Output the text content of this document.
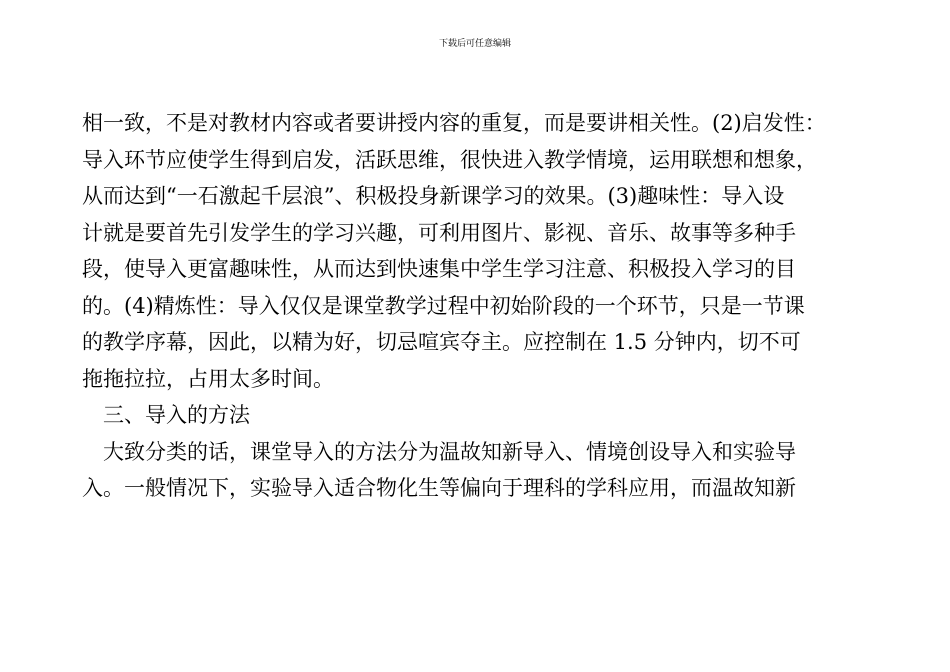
下载后可任意编辑
相一致，不是对教材内容或者要讲授内容的重复，而是要讲相关性。(2)启发性：
导入环节应使学生得到启发，活跃思维，很快进入教学情境，运用联想和想象，
从而达到“一石激起千层浪”、积极投身新课学习的效果。(3)趣味性：导入设
计就是要首先引发学生的学习兴趣，可利用图片、影视、音乐、故事等多种手
段，使导入更富趣味性，从而达到快速集中学生学习注意、积极投入学习的目
的。(4)精炼性：导入仅仅是课堂教学过程中初始阶段的一个环节，只是一节课
的教学序幕，因此，以精为好，切忌喧宾夺主。应控制在 1.5 分钟内，切不可
拖拖拉拉，占用太多时间。
三、导入的方法
大致分类的话，课堂导入的方法分为温故知新导入、情境创设导入和实验导
入。一般情况下，实验导入适合物化生等偏向于理科的学科应用，而温故知新
